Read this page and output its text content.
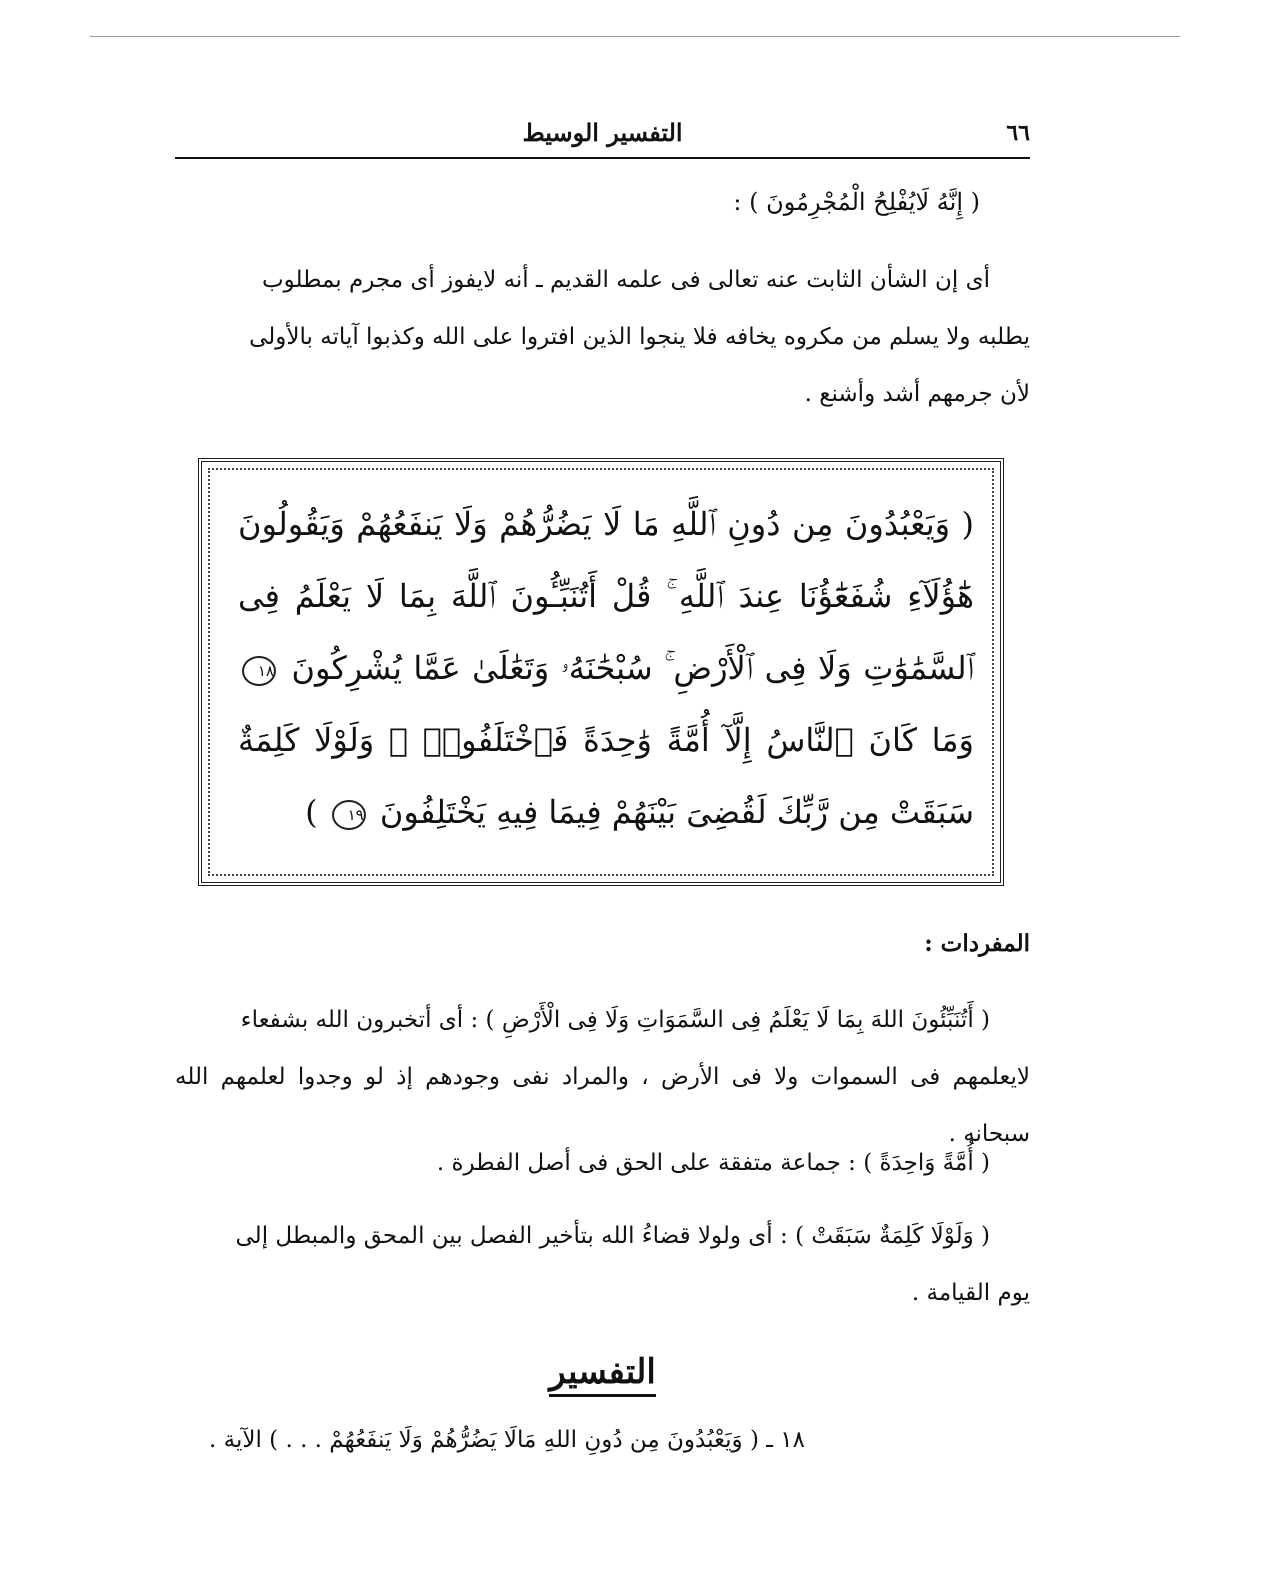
٦٦
التفسير الوسيط
( إِنَّهُ لَايُفْلِحُ الْمُجْرِمُونَ ) :
أى إن الشأن الثابت عنه تعالى فى علمه القديم ـ أنه لايفوز أى مجرم بمطلوب
يطلبه ولا يسلم من مكروه يخافه فلا ينجوا الذين افتروا على الله وكذبوا آياته بالأولى
لأن جرمهم أشد وأشنع .
( وَيَعْبُدُونَ مِن دُونِ ٱللَّهِ مَا لَا يَضُرُّهُمْ وَلَا يَنفَعُهُمْ وَيَقُولُونَ هَٰٓؤُلَآءِ شُفَعَٰٓؤُنَا عِندَ ٱللَّهِ ۚ قُلْ أَتُنَبِّـُٔونَ ٱللَّهَ بِمَا لَا يَعْلَمُ فِى ٱلسَّمَٰوَٰتِ وَلَا فِى ٱلْأَرْضِ ۚ سُبْحَٰنَهُۥ وَتَعَٰلَىٰ عَمَّا يُشْرِكُونَ ١٨ وَمَا كَانَ ٱلنَّاسُ إِلَّآ أُمَّةً وَٰحِدَةً فَٱخْتَلَفُوا۟ ۚ وَلَوْلَا كَلِمَةٌ سَبَقَتْ مِن رَّبِّكَ لَقُضِىَ بَيْنَهُمْ فِيمَا فِيهِ يَخْتَلِفُونَ ١٩ )
المفردات :
( أَتُنَبِّئُونَ اللهَ بِمَا لَا يَعْلَمُ فِى السَّمَوَاتِ وَلَا فِى الْأَرْضِ ) : أى أتخبرون الله بشفعاء
لايعلمهم فى السموات ولا فى الأرض ، والمراد نفى وجودهم إذ لو وجدوا لعلمهم الله سبحانه .
( أُمَّةً وَاحِدَةً ) : جماعة متفقة على الحق فى أصل الفطرة .
( وَلَوْلَا كَلِمَةٌ سَبَقَتْ ) : أى ولولا قضاءُ الله بتأخير الفصل بين المحق والمبطل إلى
يوم القيامة .
التفسير
١٨ ـ ( وَيَعْبُدُونَ مِن دُونِ اللهِ مَالَا يَضُرُّهُمْ وَلَا يَنفَعُهُمْ . . . ) الآية .
